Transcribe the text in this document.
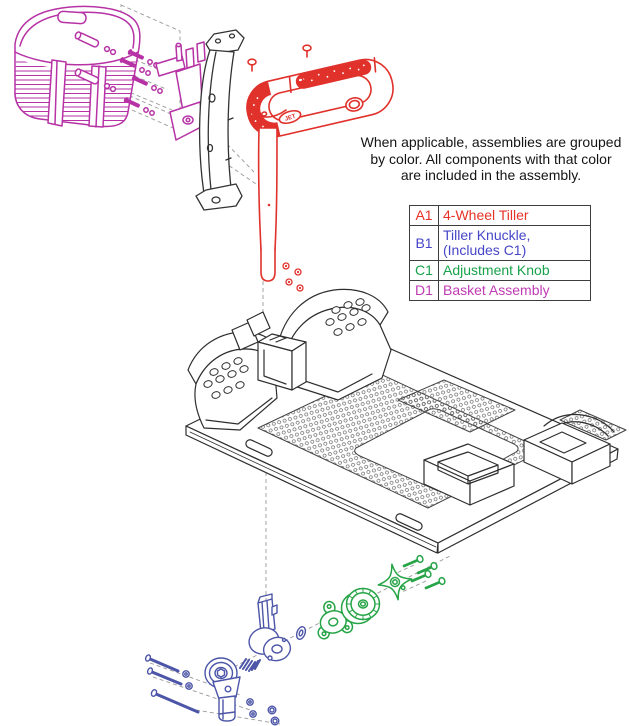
JET
When applicable, assemblies are grouped
by color. All components with that color
are included in the assembly.
A1	4-Wheel Tiller

B1	Tiller Knuckle,
(Includes C1)

C1	Adjustment Knob

D1	Basket Assembly
